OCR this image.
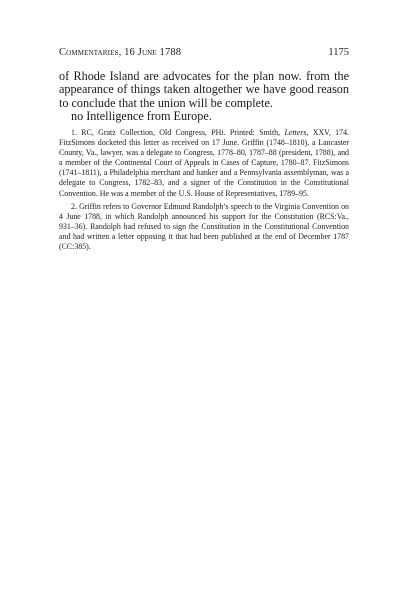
Commentaries, 16 June 1788	1175

of Rhode Island are advocates for the plan now. from the appearance of things taken altogether we have good reason to conclude that the union will be complete.

no Intelligence from Europe.

1. RC, Gratz Collection, Old Congress, PHi. Printed: Smith, Letters, XXV, 174. FitzSimons docketed this letter as received on 17 June. Griffin (1748–1810), a Lancaster County, Va., lawyer, was a delegate to Congress, 1778–80, 1787–88 (president, 1788), and a member of the Continental Court of Appeals in Cases of Capture, 1780–87. FitzSimons (1741–1811), a Philadelphia merchant and banker and a Pennsylvania assemblyman, was a delegate to Congress, 1782–83, and a signer of the Constitution in the Constitutional Convention. He was a member of the U.S. House of Representatives, 1789–95.

2. Griffin refers to Governor Edmund Randolph’s speech to the Virginia Convention on 4 June 1788, in which Randolph announced his support for the Constitution (RCS:Va., 931–36). Randolph had refused to sign the Constitution in the Constitutional Convention and had written a letter opposing it that had been published at the end of December 1787 (CC:385).
